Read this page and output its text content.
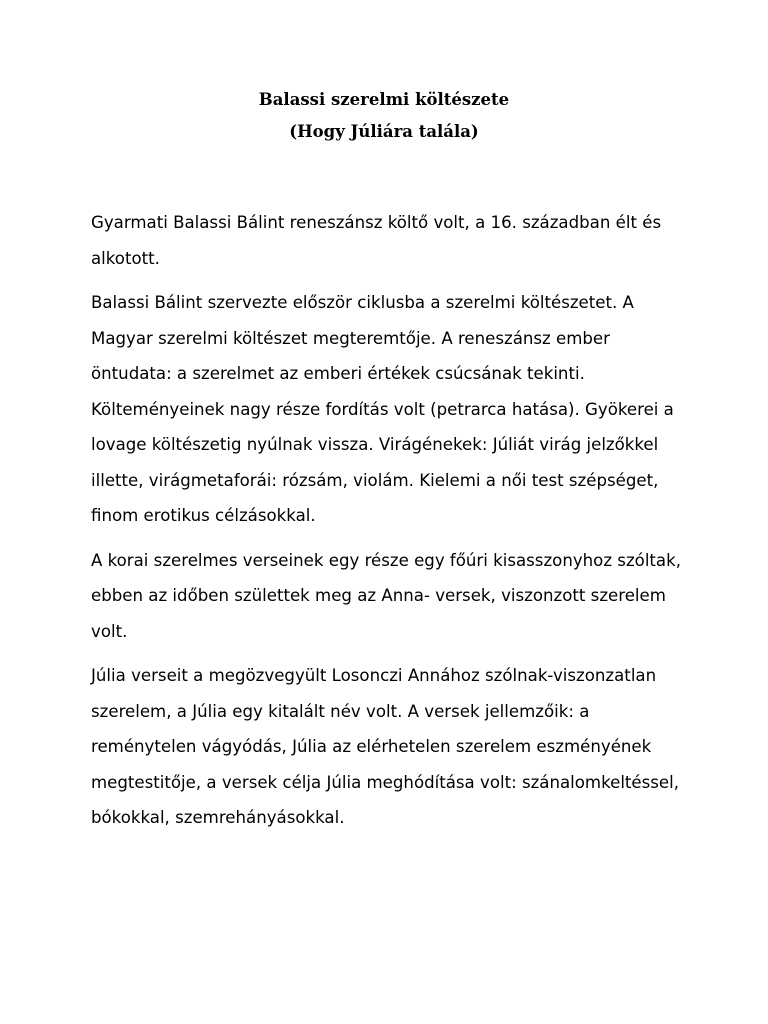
Balassi szerelmi költészete
(Hogy Júliára talála)

Gyarmati Balassi Bálint reneszánsz költő volt, a 16. században élt és
alkotott.

Balassi Bálint szervezte először ciklusba a szerelmi költészetet. A
Magyar szerelmi költészet megteremtője. A reneszánsz ember
öntudata: a szerelmet az emberi értékek csúcsának tekinti.
Költeményeinek nagy része fordítás volt (petrarca hatása). Gyökerei a
lovage költészetig nyúlnak vissza. Virágénekek: Júliát virág jelzőkkel
illette, virágmetaforái: rózsám, violám. Kielemi a női test szépséget,
finom erotikus célzásokkal.

A korai szerelmes verseinek egy része egy főúri kisasszonyhoz szóltak,
ebben az időben születtek meg az Anna- versek, viszonzott szerelem
volt.

Júlia verseit a megözvegyült Losonczi Annához szólnak-viszonzatlan
szerelem, a Júlia egy kitalált név volt. A versek jellemzőik: a
reménytelen vágyódás, Júlia az elérhetelen szerelem eszményének
megtestitője, a versek célja Júlia meghódítása volt: szánalomkeltéssel,
bókokkal, szemrehányásokkal.
